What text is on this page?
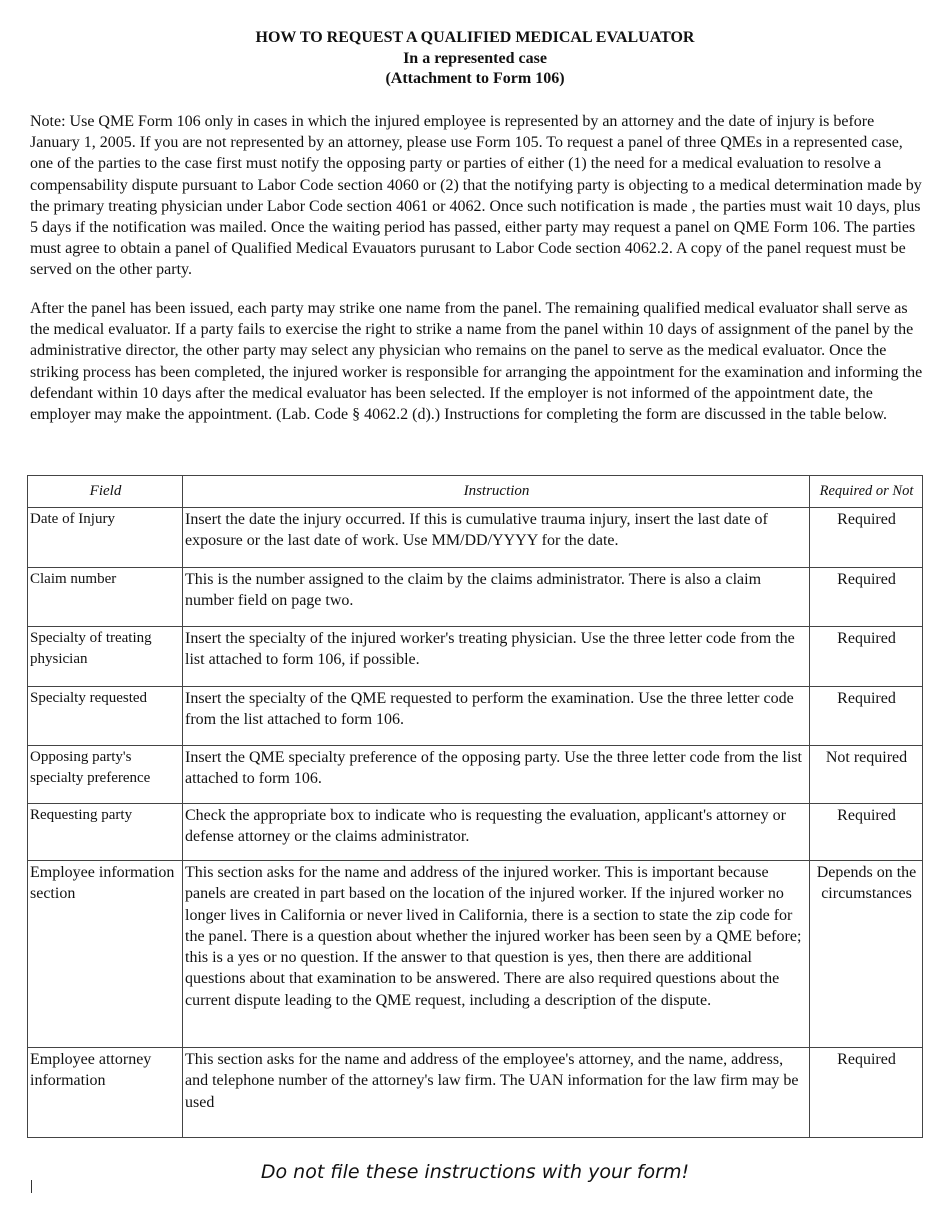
HOW TO REQUEST A QUALIFIED MEDICAL EVALUATOR
In a represented case
(Attachment to Form 106)

Note: Use QME Form 106 only in cases in which the injured employee is represented by an attorney and the date of injury is before January 1, 2005. If you are not represented by an attorney, please use Form 105. To request a panel of three QMEs in a represented case, one of the parties to the case first must notify the opposing party or parties of either (1) the need for a medical evaluation to resolve a compensability dispute pursuant to Labor Code section 4060 or (2) that the notifying party is objecting to a medical determination made by the primary treating physician under Labor Code section 4061 or 4062. Once such notification is made , the parties must wait 10 days, plus 5 days if the notification was mailed. Once the waiting period has passed, either party may request a panel on QME Form 106. The parties must agree to obtain a panel of Qualified Medical Evauators purusant to Labor Code section 4062.2. A copy of the panel request must be served on the other party.

After the panel has been issued, each party may strike one name from the panel. The remaining qualified medical evaluator shall serve as the medical evaluator. If a party fails to exercise the right to strike a name from the panel within 10 days of assignment of the panel by the administrative director, the other party may select any physician who remains on the panel to serve as the medical evaluator. Once the striking process has been completed, the injured worker is responsible for arranging the appointment for the examination and informing the defendant within 10 days after the medical evaluator has been selected. If the employer is not informed of the appointment date, the employer may make the appointment. (Lab. Code § 4062.2 (d).) Instructions for completing the form are discussed in the table below.

Field	Instruction	Required or Not
Date of Injury	Insert the date the injury occurred. If this is cumulative trauma injury, insert the last date of exposure or the last date of work. Use MM/DD/YYYY for the date.	Required
Claim number	This is the number assigned to the claim by the claims administrator. There is also a claim number field on page two.	Required
Specialty of treating physician	Insert the specialty of the injured worker's treating physician. Use the three letter code from the list attached to form 106, if possible.	Required
Specialty requested	Insert the specialty of the QME requested to perform the examination. Use the three letter code from the list attached to form 106.	Required
Opposing party's specialty preference	Insert the QME specialty preference of the opposing party. Use the three letter code from the list attached to form 106.	Not required
Requesting party	Check the appropriate box to indicate who is requesting the evaluation, applicant's attorney or defense attorney or the claims administrator.	Required
Employee information section	This section asks for the name and address of the injured worker. This is important because panels are created in part based on the location of the injured worker. If the injured worker no longer lives in California or never lived in California, there is a section to state the zip code for the panel. There is a question about whether the injured worker has been seen by a QME before; this is a yes or no question. If the answer to that question is yes, then there are additional questions about that examination to be answered. There are also required questions about the current dispute leading to the QME request, including a description of the dispute.	Depends on the circumstances
Employee attorney information	This section asks for the name and address of the employee's attorney, and the name, address, and telephone number of the attorney's law firm. The UAN information for the law firm may be used	Required
Do not file these instructions with your form!
